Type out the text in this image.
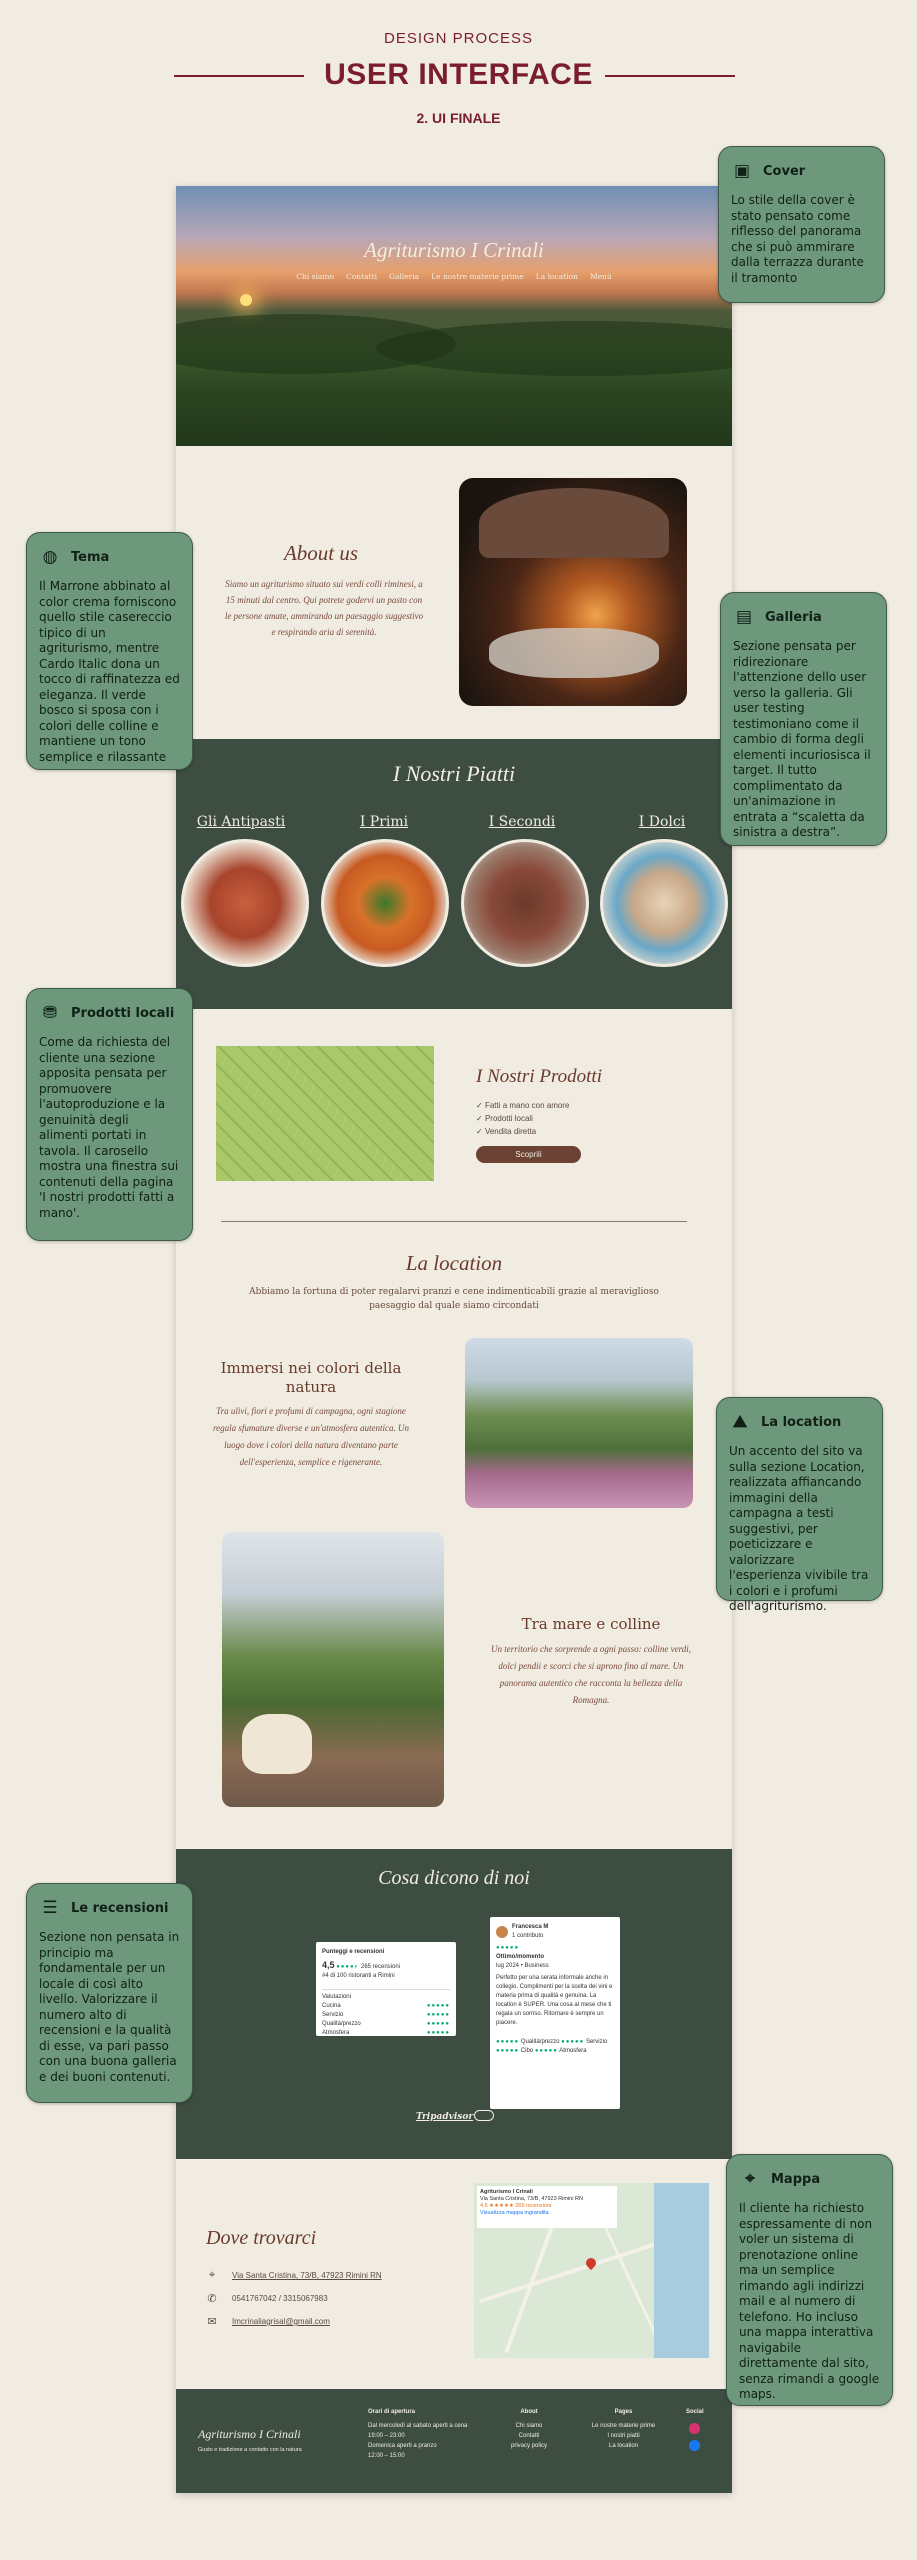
DESIGN PROCESS
USER INTERFACE
2. UI FINALE
Agriturismo I Crinali
Chi siamo Contatti Galleria Le nostre materie prime La location Menù
About us
Siamo un agriturismo situato sui verdi colli riminesi, a 15 minuti dal centro. Qui potrete godervi un pasto con le persone amate, ammirando un paesaggio suggestivo e respirando aria di serenità.
I Nostri Piatti
Gli Antipasti	I Primi	I Secondi	I Dolci
I Nostri Prodotti
✓ Fatti a mano con amore
✓ Prodotti locali
✓ Vendita diretta
Scoprili
La location
Abbiamo la fortuna di poter regalarvi pranzi e cene indimenticabili grazie al meraviglioso paesaggio dal quale siamo circondati
Immersi nei colori della natura
Tra ulivi, fiori e profumi di campagna, ogni stagione regala sfumature diverse e un'atmosfera autentica. Un luogo dove i colori della natura diventano parte dell'esperienza, semplice e rigenerante.
Tra mare e colline
Un territorio che sorprende a ogni passo: colline verdi, dolci pendii e scorci che si aprono fino al mare. Un panorama autentico che racconta la bellezza della Romagna.
Cosa dicono di noi
Punteggi e recensioni
4,5 ●●●●◐ 265 recensioni
#4 di 100 ristoranti a Rimini
Valutazioni
Cucina	●●●●●
Servizio	●●●●●
Qualità/prezzo	●●●●●
Atmosfera	●●●●●
Francesca M
1 contributo
●●●●●
Ottimo/momento
lug 2024 • Business
Perfetto per una serata informale anche in collegio. Complimenti per la scelta dei vini e materia prima di qualità e genuina. La location è SUPER. Una cosa al mese che ti regala un sorriso. Ritornare è sempre un piacere.
●●●●● Qualità/prezzo ●●●●● Servizio
●●●●● Cibo ●●●●● Atmosfera
Tripadvisor
Dove trovarci
⌖	Via Santa Cristina, 73/B, 47923 Rimini RN
✆ 0541767042 / 3315067983
✉ Imcrinaliagrisal@gmail.com
Agriturismo I Crinali
Via Santa Cristina, 73/B, 47923 Rimini RN
4,5 ★★★★★ 265 recensioni
Visualizza mappa ingrandita
Agriturismo I Crinali
Gusto e tradizione a contatto con la natura
Orari di apertura
Dal mercoledì al sabato aperti a cena
19:00 – 23:00
Domenica aperti a pranzo
12:00 – 15:00
About
Chi siamo
Contatti
privacy policy
Pages
Le nostre materie prime
I nostri piatti
La location
Social
▣ Cover
Lo stile della cover è stato pensato come riflesso del panorama che si può ammirare dalla terrazza durante il tramonto
◍ Tema
Il Marrone abbinato al color crema forniscono quello stile casereccio tipico di un agriturismo, mentre Cardo Italic dona un tocco di raffinatezza ed eleganza. Il verde bosco si sposa con i colori delle colline e mantiene un tono semplice e rilassante
▤ Galleria
Sezione pensata per ridirezionare l'attenzione dello user verso la galleria. Gli user testing testimoniano come il cambio di forma degli elementi incuriosisca il target. Il tutto complimentato da un'animazione in entrata a “scaletta da sinistra a destra”.
⛃ Prodotti locali
Come da richiesta del cliente una sezione apposita pensata per promuovere l'autoproduzione e la genuinità degli alimenti portati in tavola. Il carosello mostra una finestra sui contenuti della pagina 'I nostri prodotti fatti a mano'.
⛰ La location
Un accento del sito va sulla sezione Location, realizzata affiancando immagini della campagna a testi suggestivi, per poeticizzare e valorizzare l'esperienza vivibile tra i colori e i profumi dell'agriturismo.
☰ Le recensioni
Sezione non pensata in principio ma fondamentale per un locale di così alto livello. Valorizzare il numero alto di recensioni e la qualità di esse, va pari passo con una buona galleria e dei buoni contenuti.
⌖	Mappa
Il cliente ha richiesto espressamente di non voler un sistema di prenotazione online ma un semplice rimando agli indirizzi mail e al numero di telefono. Ho incluso una mappa interattiva navigabile direttamente dal sito, senza rimandi a google maps.
